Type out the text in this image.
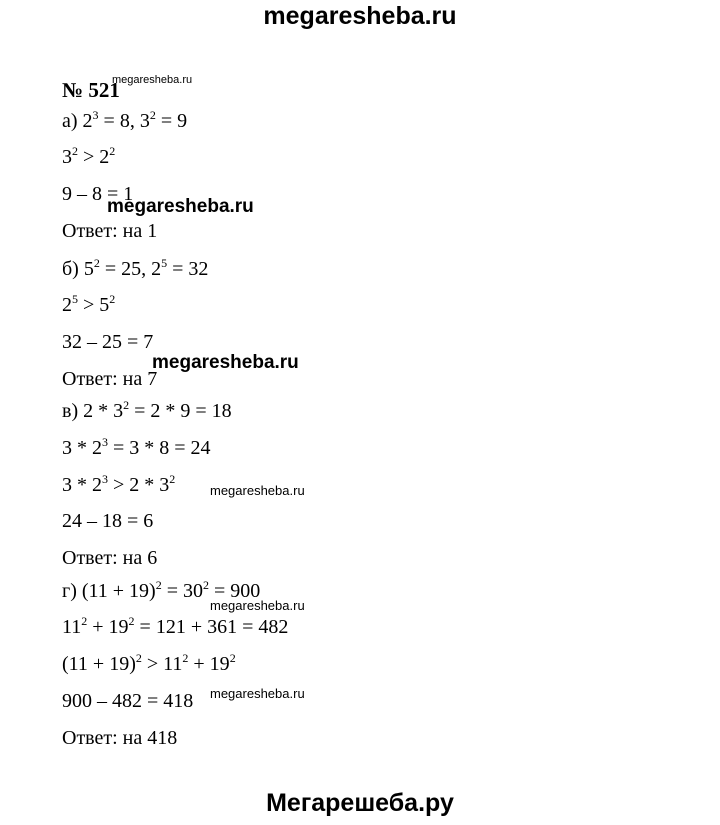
megaresheba.ru
№ 521
а) $2^3 = 8$, $3^2 = 9$
$3^2 > 2^2$
9 – 8 = 1
Ответ: на 1
б) $5^2 = 25$, $2^5 = 32$
$2^5 > 5^2$
32 – 25 = 7
Ответ: на 7
в) $2 * 3^2 = 2 * 9 = 18$
$3 * 2^3 = 3 * 8 = 24$
$3 * 2^3 > 2 * 3^2$
24 – 18 = 6
Ответ: на 6
г) $(11 + 19)^2 = 30^2 = 900$
$11^2 + 19^2 = 121 + 361 = 482$
$(11 + 19)^2 > 11^2 + 19^2$
900 – 482 = 418
Ответ: на 418
megaresheba.ru
megaresheba.ru
megaresheba.ru
megaresheba.ru
megaresheba.ru
megaresheba.ru
Мегарешеба.ру
